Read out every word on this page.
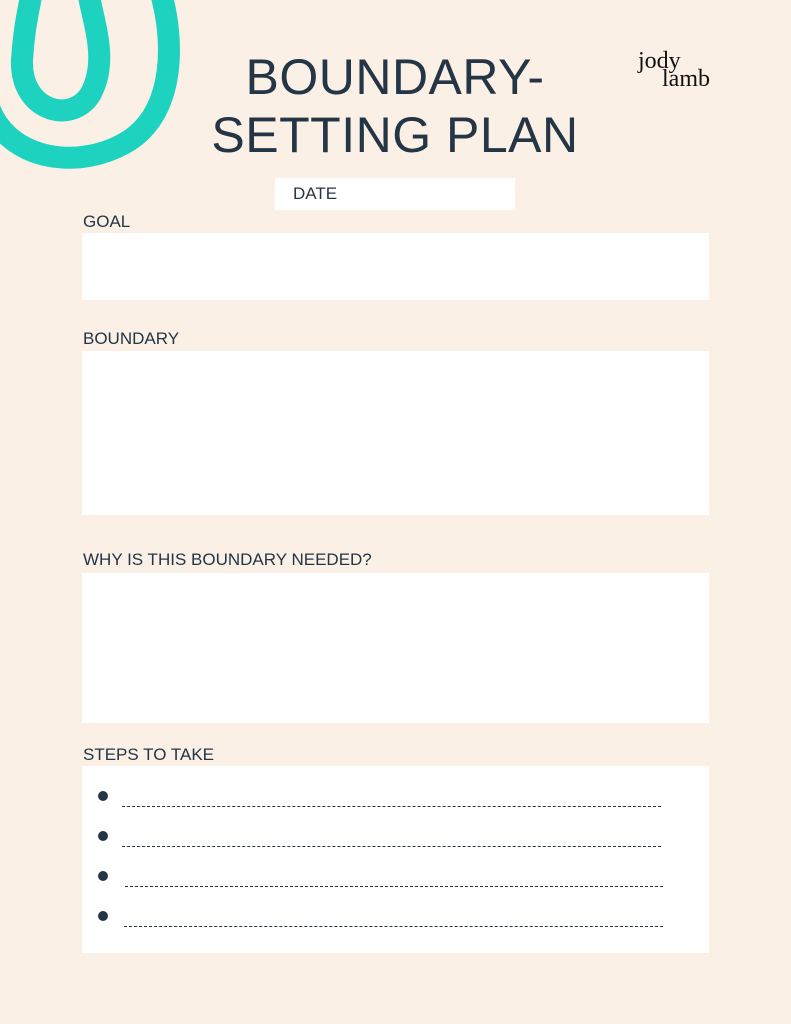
BOUNDARY-
SETTING PLAN
jody
lamb
DATE
GOAL
BOUNDARY
WHY IS THIS BOUNDARY NEEDED?
STEPS TO TAKE
